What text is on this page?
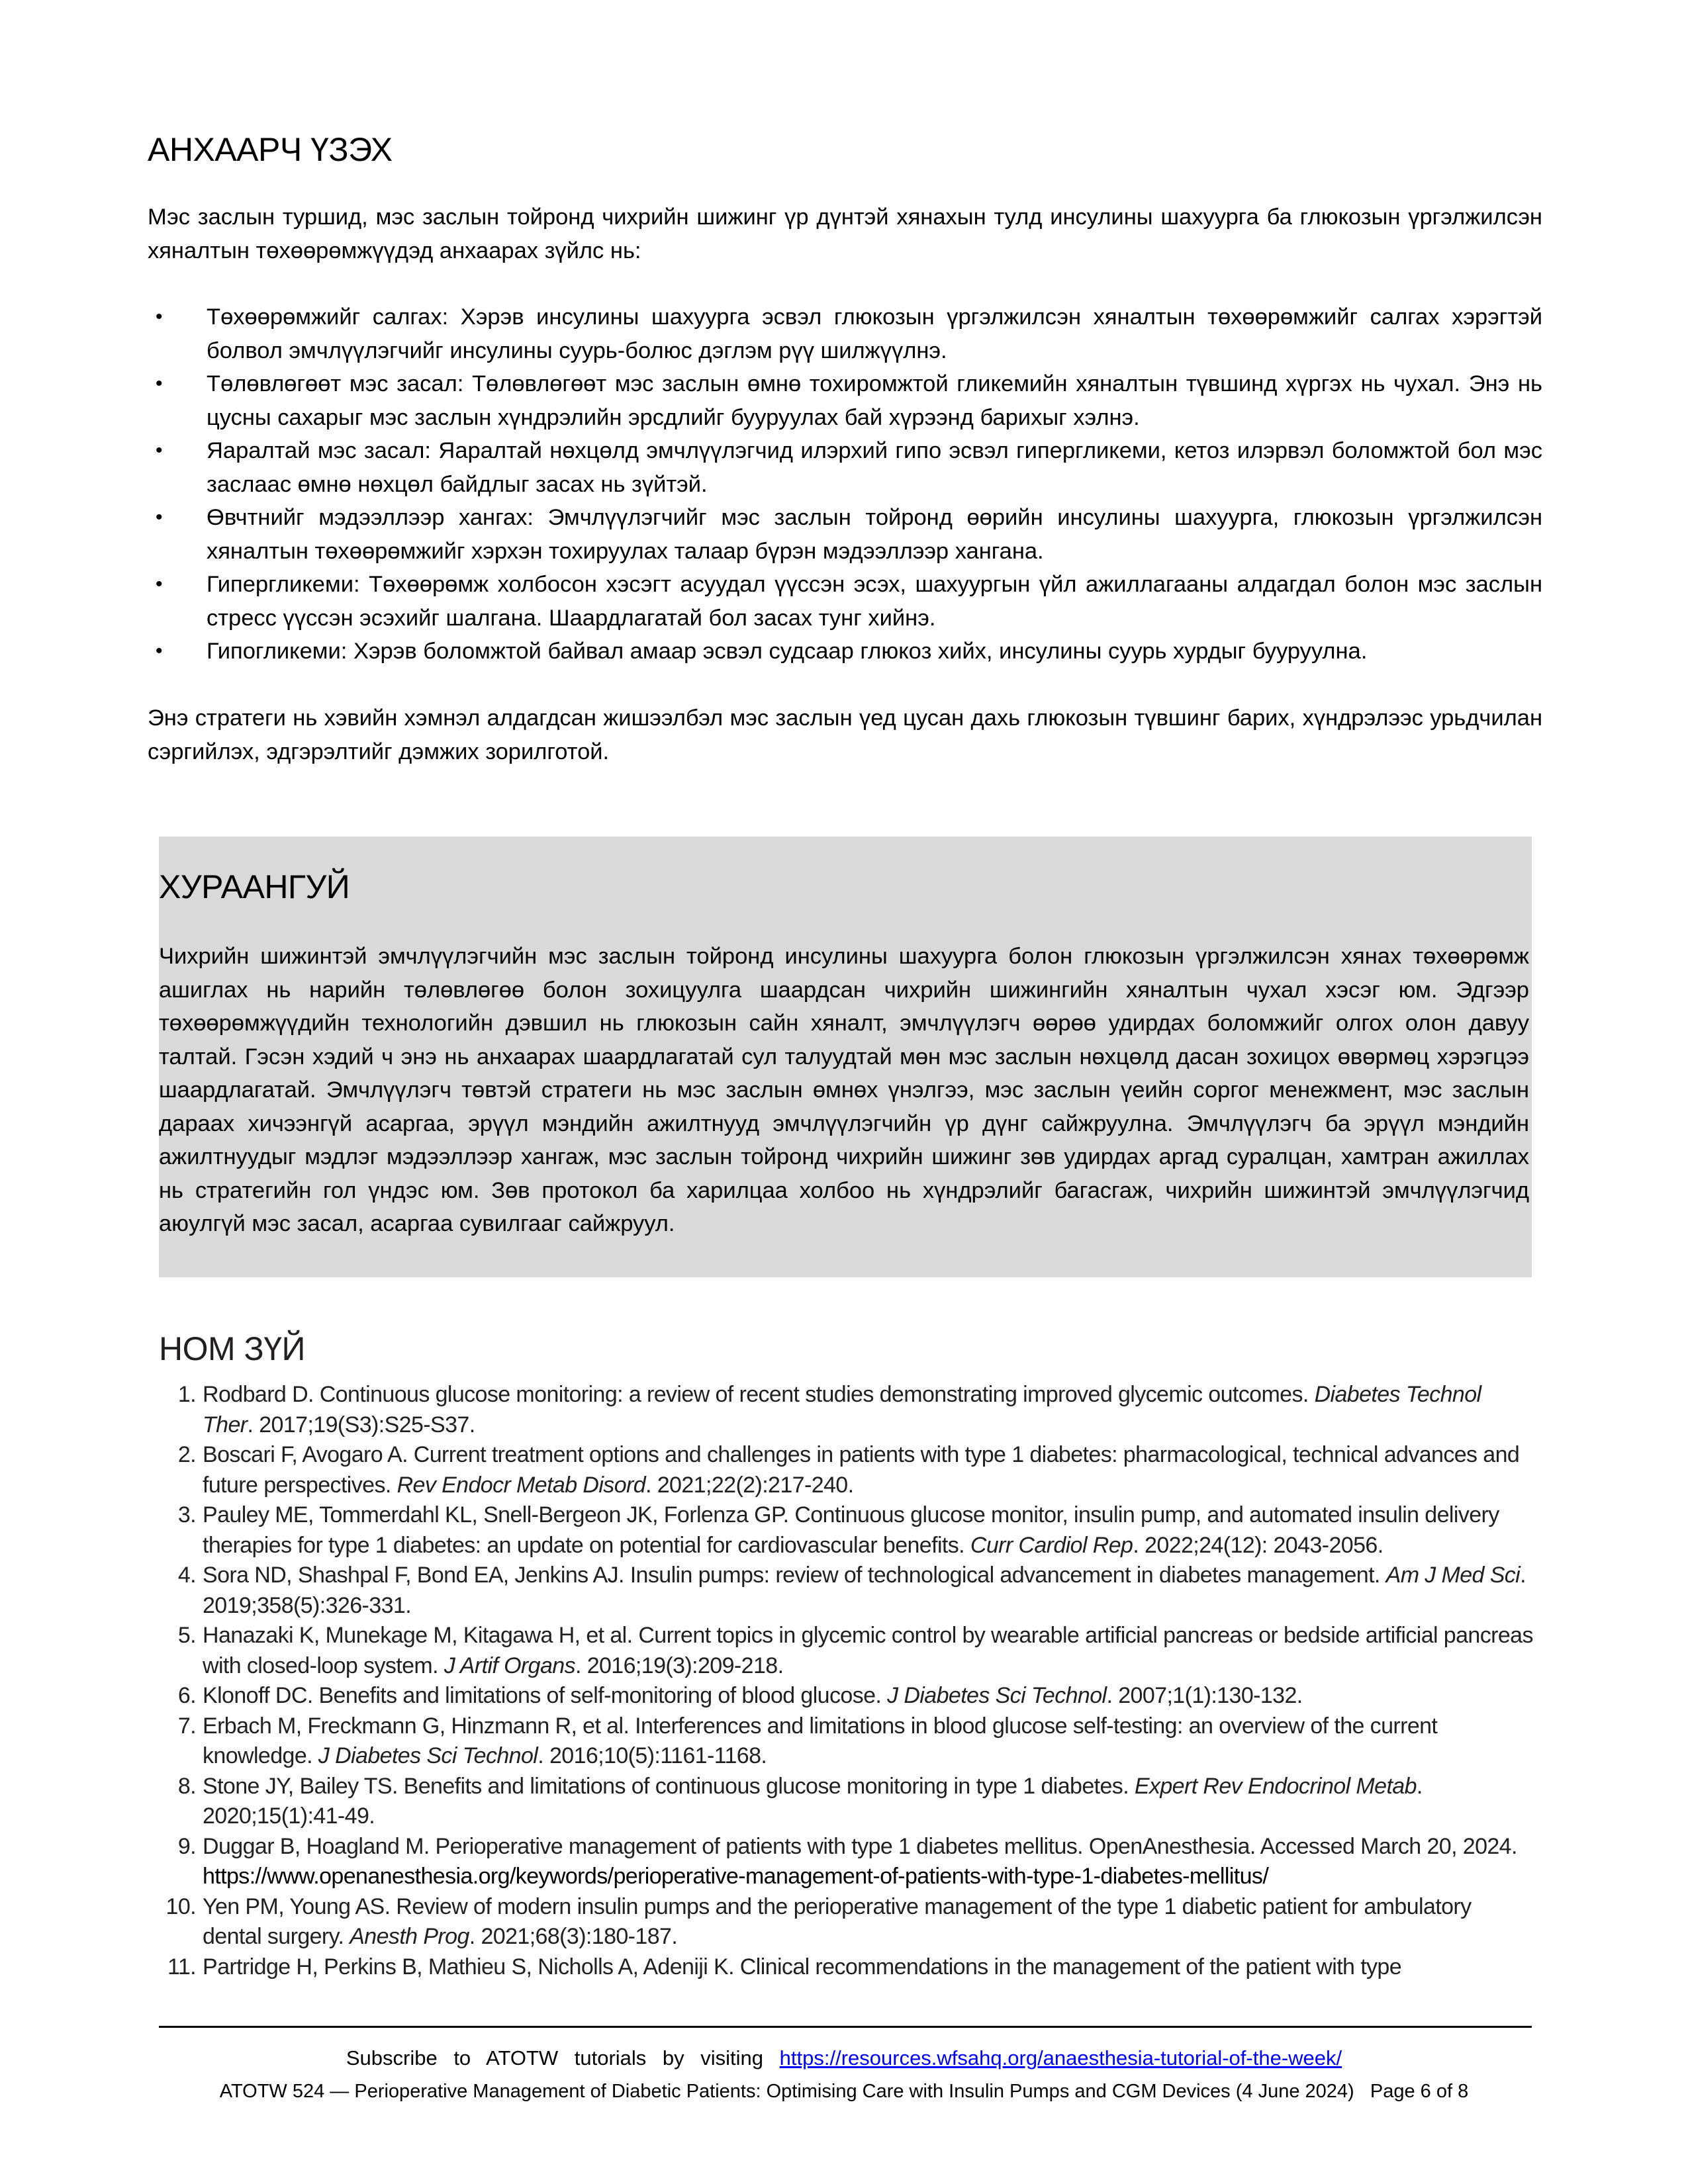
АНХААРЧ ҮЗЭХ

Мэс заслын туршид, мэс заслын тойронд чихрийн шижинг үр дүнтэй хянахын тулд инсулины шахуурга ба глюкозын үргэлжилсэн хяналтын төхөөрөмжүүдэд анхаарах зүйлс нь:

• Төхөөрөмжийг салгах: Хэрэв инсулины шахуурга эсвэл глюкозын үргэлжилсэн хяналтын төхөөрөмжийг салгах хэрэгтэй болвол эмчлүүлэгчийг инсулины суурь-болюс дэглэм рүү шилжүүлнэ.
• Төлөвлөгөөт мэс засал: Төлөвлөгөөт мэс заслын өмнө тохиромжтой гликемийн хяналтын түвшинд хүргэх нь чухал. Энэ нь цусны сахарыг мэс заслын хүндрэлийн эрсдлийг бууруулах бай хүрээнд барихыг хэлнэ.
• Яаралтай мэс засал: Яаралтай нөхцөлд эмчлүүлэгчид илэрхий гипо эсвэл гипергликеми, кетоз илэрвэл боломжтой бол мэс заслаас өмнө нөхцөл байдлыг засах нь зүйтэй.
• Өвчтнийг мэдээллээр хангах: Эмчлүүлэгчийг мэс заслын тойронд өөрийн инсулины шахуурга, глюкозын үргэлжилсэн хяналтын төхөөрөмжийг хэрхэн тохируулах талаар бүрэн мэдээллээр хангана.
• Гипергликеми: Төхөөрөмж холбосон хэсэгт асуудал үүссэн эсэх, шахуургын үйл ажиллагааны алдагдал болон мэс заслын стресс үүссэн эсэхийг шалгана. Шаардлагатай бол засах тунг хийнэ.
• Гипогликеми: Хэрэв боломжтой байвал амаар эсвэл судсаар глюкоз хийх, инсулины суурь хурдыг бууруулна.

Энэ стратеги нь хэвийн хэмнэл алдагдсан жишээлбэл мэс заслын үед цусан дахь глюкозын түвшинг барих, хүндрэлээс урьдчилан сэргийлэх, эдгэрэлтийг дэмжих зорилготой.

ХУРААНГУЙ

Чихрийн шижинтэй эмчлүүлэгчийн мэс заслын тойронд инсулины шахуурга болон глюкозын үргэлжилсэн хянах төхөөрөмж ашиглах нь нарийн төлөвлөгөө болон зохицуулга шаардсан чихрийн шижингийн хяналтын чухал хэсэг юм. Эдгээр төхөөрөмжүүдийн технологийн дэвшил нь глюкозын сайн хяналт, эмчлүүлэгч өөрөө удирдах боломжийг олгох олон давуу талтай. Гэсэн хэдий ч энэ нь анхаарах шаардлагатай сул талуудтай мөн мэс заслын нөхцөлд дасан зохицох өвөрмөц хэрэгцээ шаардлагатай. Эмчлүүлэгч төвтэй стратеги нь мэс заслын өмнөх үнэлгээ, мэс заслын үеийн соргог менежмент, мэс заслын дараах хичээнгүй асаргаа, эрүүл мэндийн ажилтнууд эмчлүүлэгчийн үр дүнг сайжруулна. Эмчлүүлэгч ба эрүүл мэндийн ажилтнуудыг мэдлэг мэдээллээр хангаж, мэс заслын тойронд чихрийн шижинг зөв удирдах аргад суралцан, хамтран ажиллах нь стратегийн гол үндэс юм. Зөв протокол ба харилцаа холбоо нь хүндрэлийг багасгаж, чихрийн шижинтэй эмчлүүлэгчид аюулгүй мэс засал, асаргаа сувилгааг сайжруул.

НОМ ЗҮЙ
1. Rodbard D. Continuous glucose monitoring: a review of recent studies demonstrating improved glycemic outcomes. Diabetes Technol Ther. 2017;19(S3):S25-S37.
2. Boscari F, Avogaro A. Current treatment options and challenges in patients with type 1 diabetes: pharmacological, technical advances and future perspectives. Rev Endocr Metab Disord. 2021;22(2):217-240.
3. Pauley ME, Tommerdahl KL, Snell-Bergeon JK, Forlenza GP. Continuous glucose monitor, insulin pump, and automated insulin delivery therapies for type 1 diabetes: an update on potential for cardiovascular benefits. Curr Cardiol Rep. 2022;24(12): 2043-2056.
4. Sora ND, Shashpal F, Bond EA, Jenkins AJ. Insulin pumps: review of technological advancement in diabetes management. Am J Med Sci. 2019;358(5):326-331.
5. Hanazaki K, Munekage M, Kitagawa H, et al. Current topics in glycemic control by wearable artificial pancreas or bedside artificial pancreas with closed-loop system. J Artif Organs. 2016;19(3):209-218.
6. Klonoff DC. Benefits and limitations of self-monitoring of blood glucose. J Diabetes Sci Technol. 2007;1(1):130-132.
7. Erbach M, Freckmann G, Hinzmann R, et al. Interferences and limitations in blood glucose self-testing: an overview of the current knowledge. J Diabetes Sci Technol. 2016;10(5):1161-1168.
8. Stone JY, Bailey TS. Benefits and limitations of continuous glucose monitoring in type 1 diabetes. Expert Rev Endocrinol Metab. 2020;15(1):41-49.
9. Duggar B, Hoagland M. Perioperative management of patients with type 1 diabetes mellitus. OpenAnesthesia. Accessed March 20, 2024. https://www.openanesthesia.org/keywords/perioperative-management-of-patients-with-type-1-diabetes-mellitus/
10. Yen PM, Young AS. Review of modern insulin pumps and the perioperative management of the type 1 diabetic patient for ambulatory dental surgery. Anesth Prog. 2021;68(3):180-187.
11. Partridge H, Perkins B, Mathieu S, Nicholls A, Adeniji K. Clinical recommendations in the management of the patient with type
Subscribe to ATOTW tutorials by visiting https://resources.wfsahq.org/anaesthesia-tutorial-of-the-week/
ATOTW 524 — Perioperative Management of Diabetic Patients: Optimising Care with Insulin Pumps and CGM Devices (4 June 2024)   Page 6 of 8
